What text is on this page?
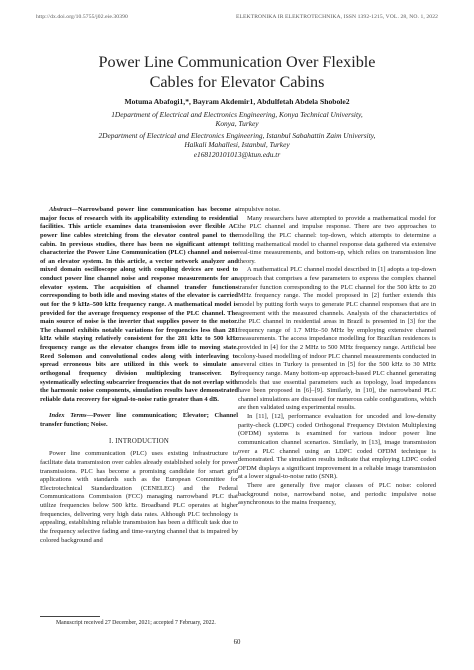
http://dx.doi.org/10.5755/j02.eie.30390	ELEKTRONIKA IR ELEKTROTECHNIKA, ISSN 1392-1215, VOL. 28, NO. 1, 2022
Power Line Communication Over Flexible
Cables for Elevator Cabins
Motuma Abafogi1,*, Bayram Akdemir1, Abdulfetah Abdela Shobole2
1Department of Electrical and Electronics Engineering, Konya Technical University,
Konya, Turkey
2Department of Electrical and Electronics Engineering, Istanbul Sabahattin Zaim University,
Halkali Mahallesi, Istanbul, Turkey
e168120101013@ktun.edu.tr

Abstract—Narrowband power line communication has become a major focus of research with its applicability extending to residential facilities. This article examines data transmission over flexible AC power line cables stretching from the elevator control panel to the cabin. In previous studies, there has been no significant attempt to characterize the Power Line Communication (PLC) channel and noise of an elevator system. In this article, a vector network analyzer and mixed domain oscilloscope along with coupling devices are used to conduct power line channel noise and response measurements for an elevator system. The acquisition of channel transfer functions corresponding to both idle and moving states of the elevator is carried out for the 9 kHz–500 kHz frequency range. A mathematical model is provided for the average frequency response of the PLC channel. The main source of noise is the inverter that supplies power to the motor. The channel exhibits notable variations for frequencies less than 281 kHz while staying relatively consistent for the 281 kHz to 500 kHz frequency range as the elevator changes from idle to moving state. Reed Solomon and convolutional codes along with interleaving to spread erroneous bits are utilized in this work to simulate an orthogonal frequency division multiplexing transceiver. By systematically selecting subcarrier frequencies that do not overlap with the harmonic noise components, simulation results have demonstrated reliable data recovery for signal-to-noise ratio greater than 4 dB.

Index Terms—Power line communication; Elevator; Channel transfer function; Noise.

I. INTRODUCTION

Power line communication (PLC) uses existing infrastructure to facilitate data transmission over cables already established solely for power transmissions. PLC has become a promising candidate for smart grid applications with standards such as the European Committee for Electrotechnical Standardization (CENELEC) and the Federal Communications Commission (FCC) managing narrowband PLC that utilize frequencies below 500 kHz. Broadband PLC operates at higher frequencies, delivering very high data rates. Although PLC technology is appealing, establishing reliable transmission has been a difficult task due to the frequency selective fading and time-varying channel that is impaired by colored background and

impulsive noise.

Many researchers have attempted to provide a mathematical model for the PLC channel and impulse response. There are two approaches to modelling the PLC channel: top-down, which attempts to determine a fitting mathematical model to channel response data gathered via extensive real-time measurements, and bottom-up, which relies on transmission line theory.

A mathematical PLC channel model described in [1] adopts a top-down approach that comprises a few parameters to express the complex channel transfer function corresponding to the PLC channel for the 500 kHz to 20 MHz frequency range. The model proposed in [2] further extends this model by putting forth ways to generate PLC channel responses that are in agreement with the measured channels. Analysis of the characteristics of the PLC channel in residential areas in Brazil is presented in [3] for the frequency range of 1.7 MHz–50 MHz by employing extensive channel measurements. The access impedance modelling for Brazilian residences is provided in [4] for the 2 MHz to 500 MHz frequency range. Artificial bee colony-based modelling of indoor PLC channel measurements conducted in several cities in Turkey is presented in [5] for the 500 kHz to 30 MHz frequency range. Many bottom-up approach-based PLC channel generating models that use essential parameters such as topology, load impedances have been proposed in [6]–[9]. Similarly, in [10], the narrowband PLC channel simulations are discussed for numerous cable configurations, which are then validated using experimental results.

In [11], [12], performance evaluation for uncoded and low-density parity-check (LDPC) coded Orthogonal Frequency Division Multiplexing (OFDM) systems is examined for various indoor power line communication channel scenarios. Similarly, in [13], image transmission over a PLC channel using an LDPC coded OFDM technique is demonstrated. The simulation results indicate that employing LDPC coded OFDM displays a significant improvement in a reliable image transmission at a lower signal-to-noise ratio (SNR).

There are generally five major classes of PLC noise: colored background noise, narrowband noise, and periodic impulsive noise asynchronous to the mains frequency,

Manuscript received 27 December, 2021; accepted 7 February, 2022.
60
